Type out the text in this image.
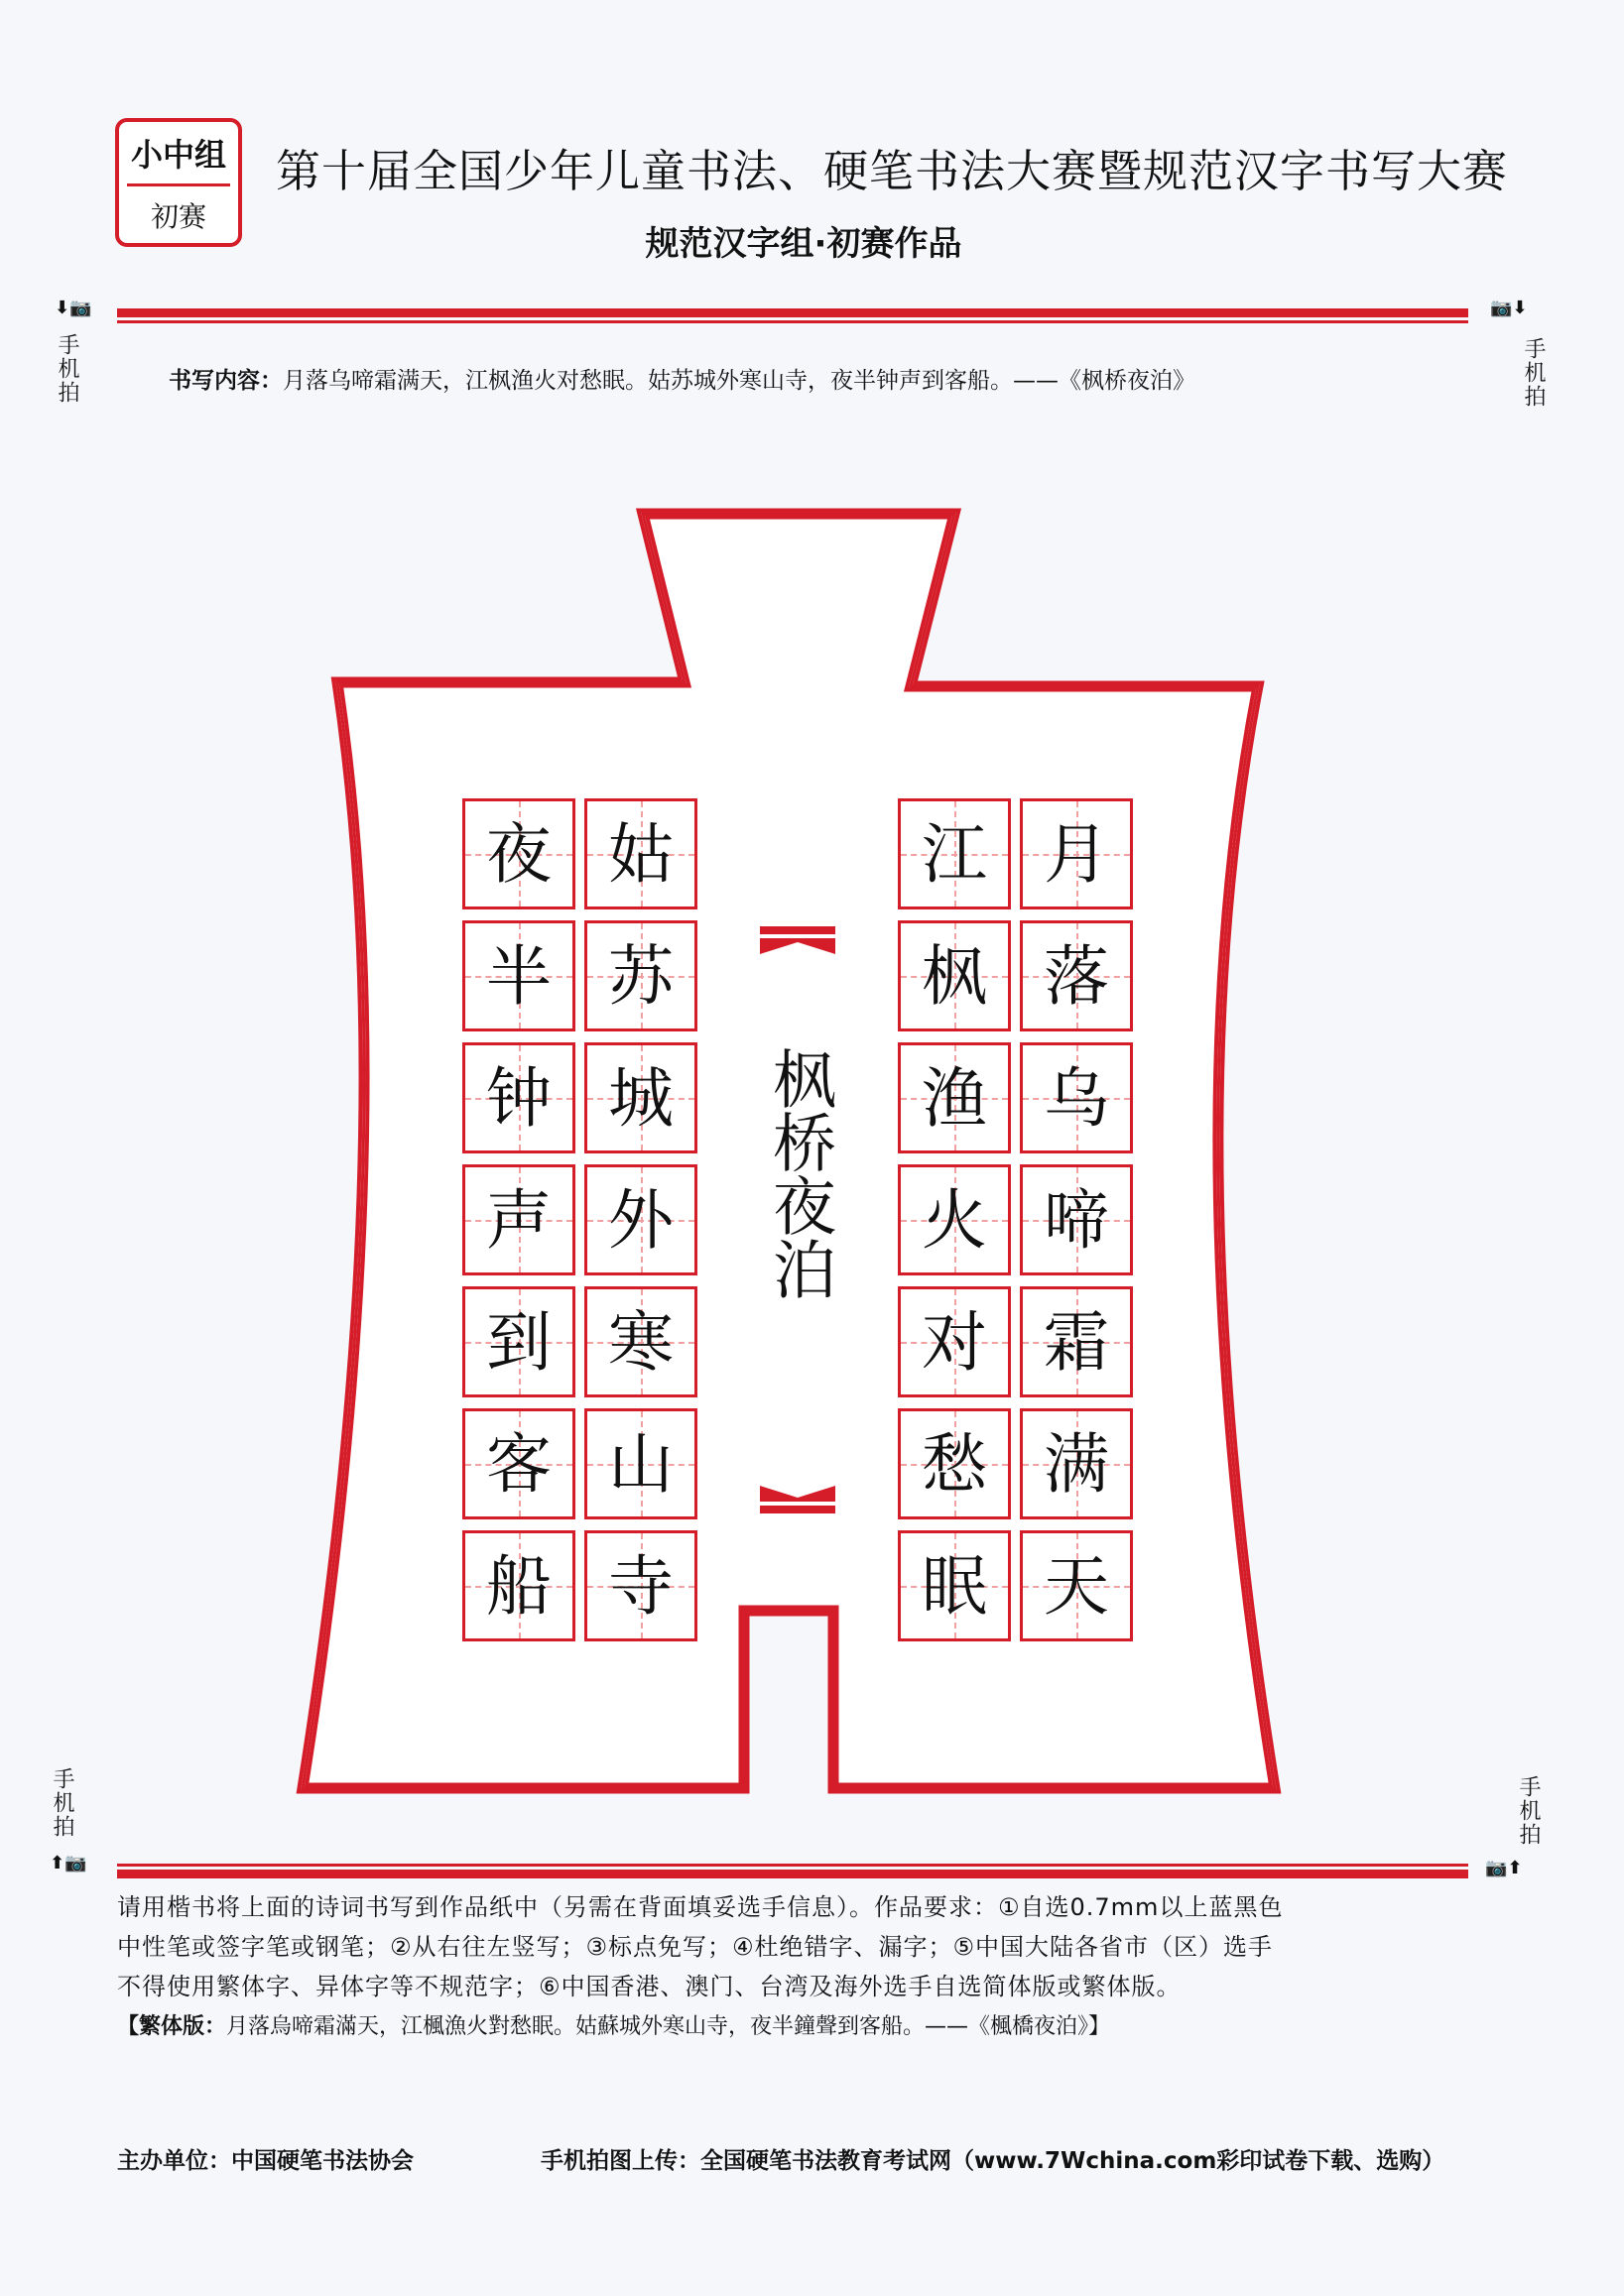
小中组
初赛
第十届全国少年儿童书法、硬笔书法大赛暨规范汉字书写大赛
规范汉字组·初赛作品
⬇📷
手机拍
📷⬇
手机拍
手机拍
⬆📷
手机拍
📷⬆
书写内容：月落乌啼霜满天，江枫渔火对愁眠。姑苏城外寒山寺，夜半钟声到客船。——《枫桥夜泊》
夜
半
钟
声
到
客
船
姑
苏
城
外
寒
山
寺
江
枫
渔
火
对
愁
眠
月
落
乌
啼
霜
满
天
枫桥夜泊
请用楷书将上面的诗词书写到作品纸中（另需在背面填妥选手信息）。作品要求：①自选0.7mm以上蓝黑色
中性笔或签字笔或钢笔；②从右往左竖写；③标点免写；④杜绝错字、漏字；⑤中国大陆各省市（区）选手
不得使用繁体字、异体字等不规范字；⑥中国香港、澳门、台湾及海外选手自选简体版或繁体版。
【繁体版：月落烏啼霜滿天，江楓漁火對愁眠。姑蘇城外寒山寺，夜半鐘聲到客船。——《楓橋夜泊》】
主办单位：中国硬笔书法协会	手机拍图上传：全国硬笔书法教育考试网（www.7Wchina.com彩印试卷下载、选购）
